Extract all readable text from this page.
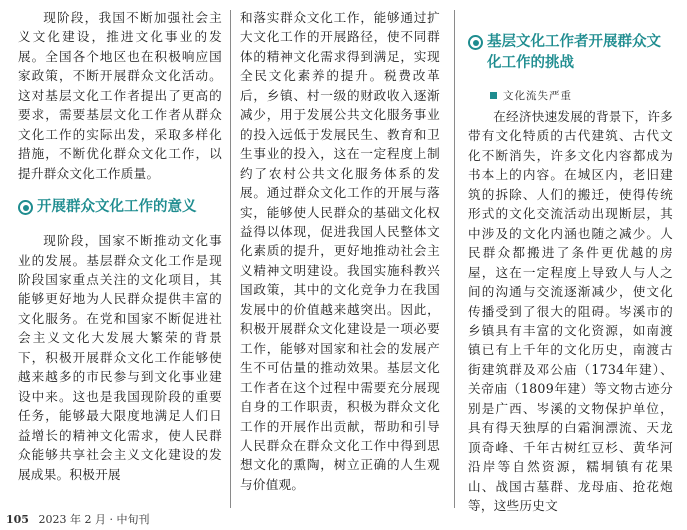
现阶段，我国不断加强社会主义文化建设，推进文化事业的发展。全国各个地区也在积极响应国家政策，不断开展群众文化活动。这对基层文化工作者提出了更高的要求，需要基层文化工作者从群众文化工作的实际出发，采取多样化措施，不断优化群众文化工作，以提升群众文化工作质量。

开展群众文化工作的意义

现阶段，国家不断推动文化事业的发展。基层群众文化工作是现阶段国家重点关注的文化项目，其能够更好地为人民群众提供丰富的文化服务。在党和国家不断促进社会主义文化大发展大繁荣的背景下，积极开展群众文化工作能够使越来越多的市民参与到文化事业建设中来。这也是我国现阶段的重要任务，能够最大限度地满足人们日益增长的精神文化需求，使人民群众能够共享社会主义文化建设的发展成果。积极开展

和落实群众文化工作，能够通过扩大文化工作的开展路径，使不同群体的精神文化需求得到满足，实现全民文化素养的提升。税费改革后，乡镇、村一级的财政收入逐渐减少，用于发展公共文化服务事业的投入远低于发展民生、教育和卫生事业的投入，这在一定程度上制约了农村公共文化服务体系的发展。通过群众文化工作的开展与落实，能够使人民群众的基础文化权益得以体现，促进我国人民整体文化素质的提升，更好地推动社会主义精神文明建设。我国实施科教兴国政策，其中的文化竞争力在我国发展中的价值越来越突出。因此，积极开展群众文化建设是一项必要工作，能够对国家和社会的发展产生不可估量的推动效果。基层文化工作者在这个过程中需要充分展现自身的工作职责，积极为群众文化工作的开展作出贡献，帮助和引导人民群众在群众文化工作中得到思想文化的熏陶，树立正确的人生观与价值观。

基层文化工作者开展群众文化工作的挑战
文化流失严重

在经济快速发展的背景下，许多带有文化特质的古代建筑、古代文化不断消失，许多文化内容都成为书本上的内容。在城区内，老旧建筑的拆除、人们的搬迁，使得传统形式的文化交流活动出现断层，其中涉及的文化内涵也随之减少。人民群众都搬进了条件更优越的房屋，这在一定程度上导致人与人之间的沟通与交流逐渐减少，使文化传播受到了很大的阻碍。岑溪市的乡镇具有丰富的文化资源，如南渡镇已有上千年的文化历史，南渡古街建筑群及邓公庙（1734年建）、关帝庙（1809年建）等文物古迹分别是广西、岑溪的文物保护单位，具有得天独厚的白霜涧漂流、天龙顶奇峰、千年古树红豆杉、黄华河沿岸等自然资源，糯垌镇有花果山、战国古墓群、龙母庙、抢花炮等，这些历史文

105 2023 年 2 月 · 中旬刊
